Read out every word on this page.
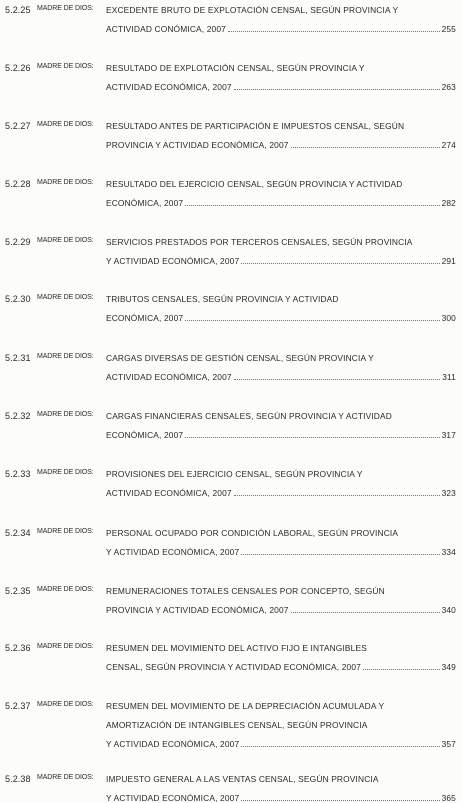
5.2.25 MADRE DE DIOS: EXCEDENTE BRUTO DE EXPLOTACIÓN CENSAL, SEGÚN PROVINCIA Y
ACTIVIDAD CONÓMICA, 2007	255
5.2.26 MADRE DE DIOS: RESULTADO DE EXPLOTACIÓN CENSAL, SEGÚN PROVINCIA Y
ACTIVIDAD ECONÓMICA, 2007	263
5.2.27 MADRE DE DIOS: RESULTADO ANTES DE PARTICIPACIÓN E IMPUESTOS CENSAL, SEGÚN
PROVINCIA Y ACTIVIDAD ECONÓMICA, 2007	274
5.2.28 MADRE DE DIOS: RESULTADO DEL EJERCICIO CENSAL, SEGÚN PROVINCIA Y ACTIVIDAD
ECONÓMICA, 2007	282
5.2.29 MADRE DE DIOS: SERVICIOS PRESTADOS POR TERCEROS CENSALES, SEGÚN PROVINCIA
Y ACTIVIDAD ECONÓMICA, 2007	291
5.2.30 MADRE DE DIOS: TRIBUTOS CENSALES, SEGÚN PROVINCIA Y ACTIVIDAD
ECONÓMICA, 2007	300
5.2.31 MADRE DE DIOS: CARGAS DIVERSAS DE GESTIÓN CENSAL, SEGÚN PROVINCIA Y
ACTIVIDAD ECONÓMICA, 2007	311
5.2.32 MADRE DE DIOS: CARGAS FINANCIERAS CENSALES, SEGÚN PROVINCIA Y ACTIVIDAD
ECONÓMICA, 2007	317
5.2.33 MADRE DE DIOS: PROVISIONES DEL EJERCICIO CENSAL, SEGÚN PROVINCIA Y
ACTIVIDAD ECONÓMICA, 2007	323
5.2.34 MADRE DE DIOS: PERSONAL OCUPADO POR CONDICIÓN LABORAL, SEGÚN PROVINCIA
Y ACTIVIDAD ECONÓMICA, 2007	334
5.2.35 MADRE DE DIOS: REMUNERACIONES TOTALES CENSALES POR CONCEPTO, SEGÚN
PROVINCIA Y ACTIVIDAD ECONÓMICA, 2007	340
5.2.36 MADRE DE DIOS: RESUMEN DEL MOVIMIENTO DEL ACTIVO FIJO E INTANGIBLES
CENSAL, SEGÚN PROVINCIA Y ACTIVIDAD ECONÓMICA, 2007	349
5.2.37 MADRE DE DIOS: RESUMEN DEL MOVIMIENTO DE LA DEPRECIACIÓN ACUMULADA Y
AMORTIZACIÓN DE INTANGIBLES CENSAL, SEGÚN PROVINCIA
Y ACTIVIDAD ECONÓMICA, 2007	357
5.2.38 MADRE DE DIOS: IMPUESTO GENERAL A LAS VENTAS CENSAL, SEGÚN PROVINCIA
Y ACTIVIDAD ECONÓMICA, 2007	365
